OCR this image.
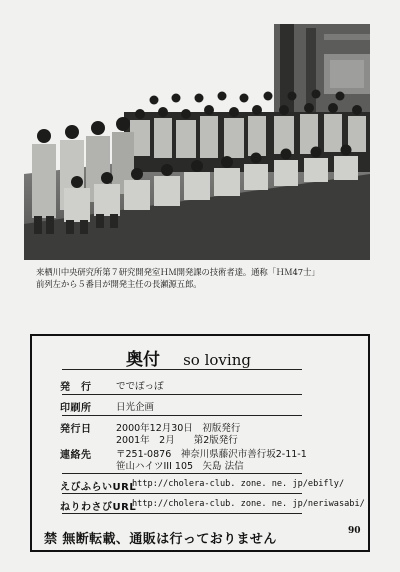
来栖川中央研究所第７研究開発室ＨＭ開発課の技術者達。通称「ＨＭ47士」
前列左から５番目が開発主任の長瀬源五郎。
奥付 so loving
発　行	ででぽっぽ
印刷所	日光企画
発行日	2000年12月30日　初版発行
2001年　2月　　第2版発行
連絡先	〒251-0876　神奈川県藤沢市善行坂2-11-1
笹山ハイツIII 105　矢島 法信
えびふらいURL
http://cholera-club. zone. ne. jp/ebifly/
ねりわさびURL
http://cholera-club. zone. ne. jp/neriwasabi/
禁 無断転載、通販は行っておりません
90
